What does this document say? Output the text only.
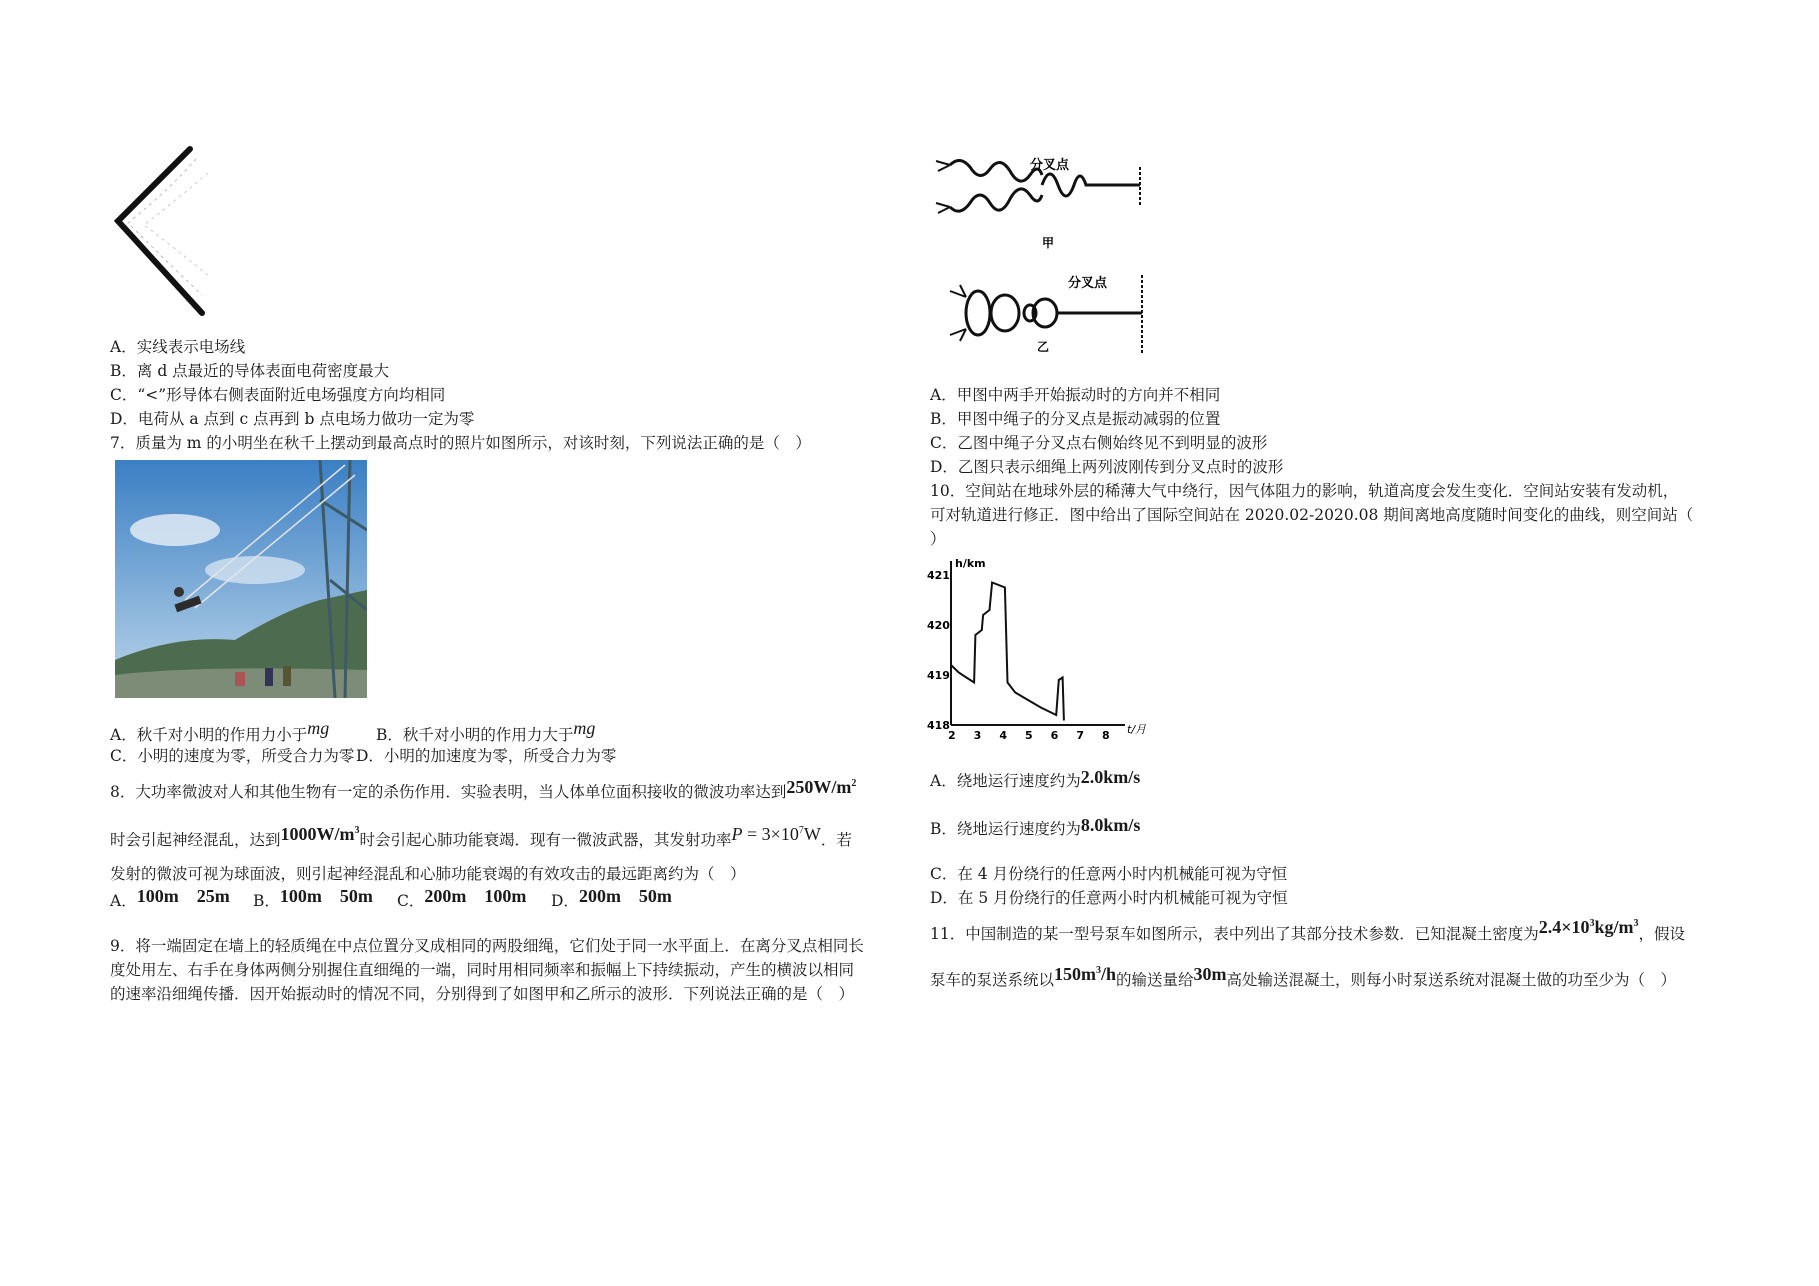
A．实线表示电场线
B．离 d 点最近的导体表面电荷密度最大
C．“<”形导体右侧表面附近电场强度方向均相同
D．电荷从 a 点到 c 点再到 b 点电场力做功一定为零
7．质量为 m 的小明坐在秋千上摆动到最高点时的照片如图所示，对该时刻，下列说法正确的是（　）
A．秋千对小明的作用力小于mg	B．秋千对小明的作用力大于mg
C．小明的速度为零，所受合力为零 D．小明的加速度为零，所受合力为零
8．大功率微波对人和其他生物有一定的杀伤作用．实验表明，当人体单位面积接收的微波功率达到$250W/m^2$
时会引起神经混乱，达到$1000W/m^3$时会引起心肺功能衰竭．现有一微波武器，其发射功率$P = 3\times 10^7W$．若
发射的微波可视为球面波，则引起神经混乱和心肺功能衰竭的有效攻击的最远距离约为（　）
A．100m　25m B．100m　50m C．200m　100m D．200m　50m
9．将一端固定在墙上的轻质绳在中点位置分叉成相同的两股细绳，它们处于同一水平面上．在离分叉点相同长
度处用左、右手在身体两侧分别握住直细绳的一端，同时用相同频率和振幅上下持续振动，产生的横波以相同
的速率沿细绳传播．因开始振动时的情况不同，分别得到了如图甲和乙所示的波形．下列说法正确的是（　）
分叉点
甲
分叉点
乙
A．甲图中两手开始振动时的方向并不相同
B．甲图中绳子的分叉点是振动减弱的位置
C．乙图中绳子分叉点右侧始终见不到明显的波形
D．乙图只表示细绳上两列波刚传到分叉点时的波形
10．空间站在地球外层的稀薄大气中绕行，因气体阻力的影响，轨道高度会发生变化．空间站安装有发动机，
可对轨道进行修正．图中给出了国际空间站在 2020.02-2020.08 期间离地高度随时间变化的曲线，则空间站（
）
h/km
t/月
418
419
420
421
2 3 4 5 6 7 8
A．绕地运行速度约为2.0km/s
B．绕地运行速度约为8.0km/s
C．在 4 月份绕行的任意两小时内机械能可视为守恒
D．在 5 月份绕行的任意两小时内机械能可视为守恒
11．中国制造的某一型号泵车如图所示，表中列出了其部分技术参数．已知混凝土密度为$2.4\times 10^3kg/m^3$，假设
泵车的泵送系统以$150m^3/h$的输送量给30m高处输送混凝土，则每小时泵送系统对混凝土做的功至少为（　）
